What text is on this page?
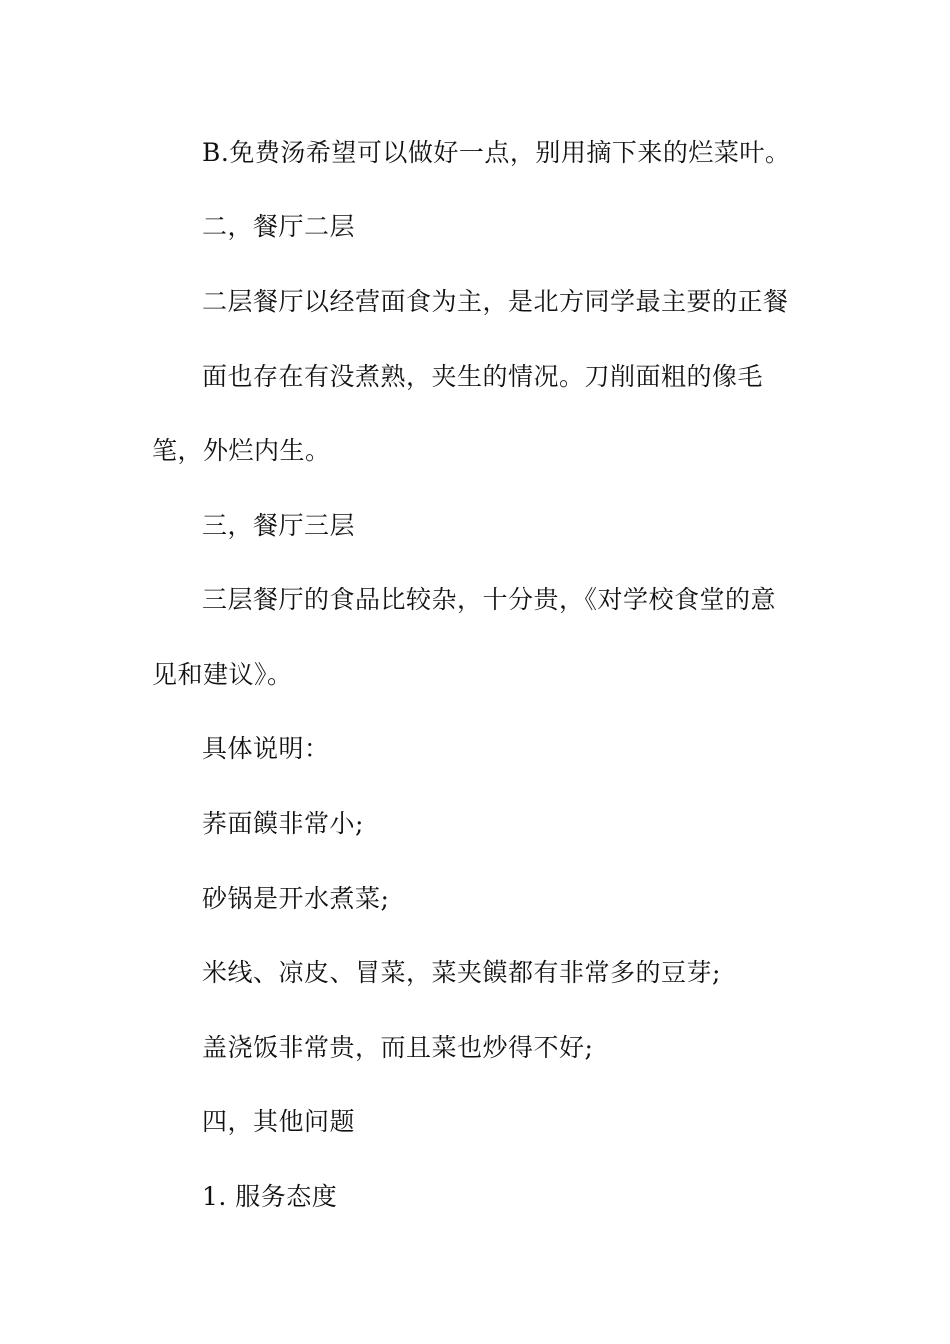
B.免费汤希望可以做好一点，别用摘下来的烂菜叶。
二，餐厅二层
二层餐厅以经营面食为主，是北方同学最主要的正餐
面也存在有没煮熟，夹生的情况。刀削面粗的像毛
笔，外烂内生。
三，餐厅三层
三层餐厅的食品比较杂，十分贵，《对学校食堂的意
见和建议》。
具体说明：
荞面饃非常小;
砂锅是开水煮菜;
米线、凉皮、冒菜，菜夹饃都有非常多的豆芽;
盖浇饭非常贵，而且菜也炒得不好;
四，其他问题
1. 服务态度
